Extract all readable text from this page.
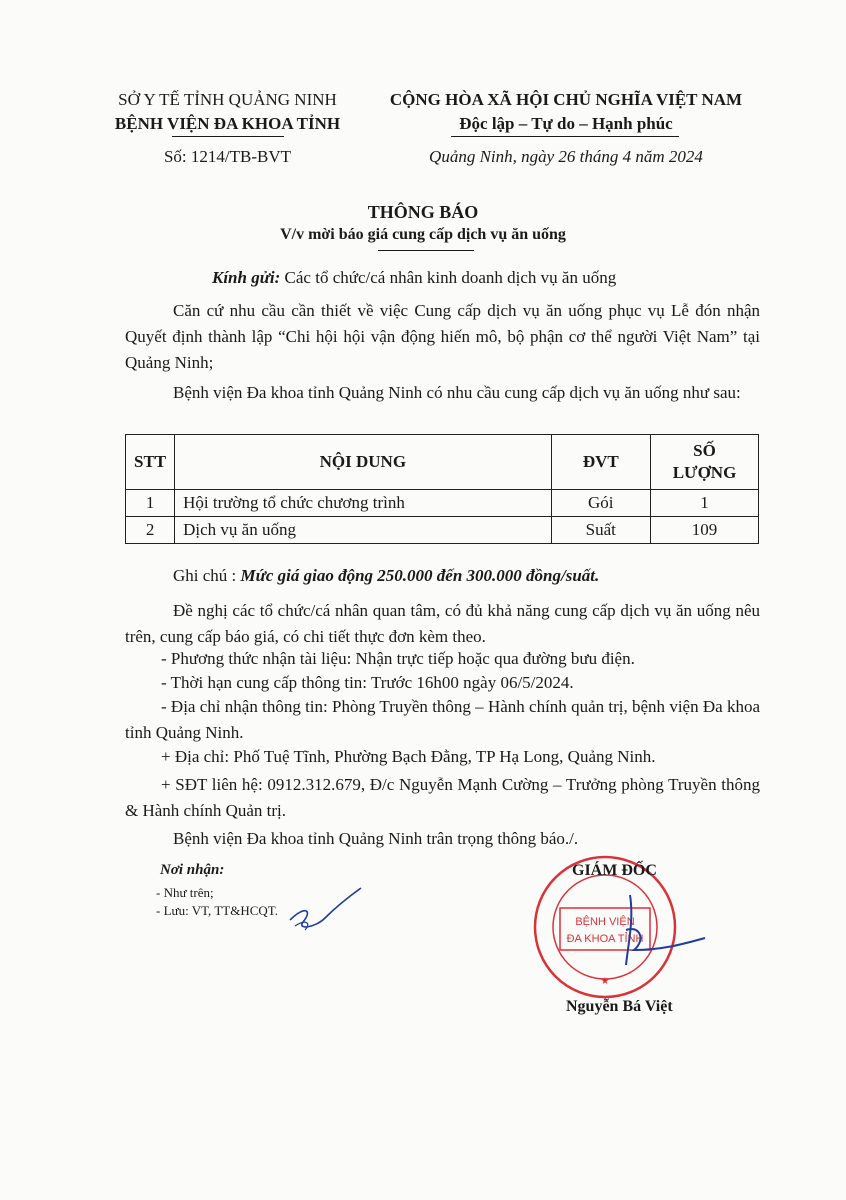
SỞ Y TẾ TỈNH QUẢNG NINH
BỆNH VIỆN ĐA KHOA TỈNH
Số: 1214/TB-BVT
CỘNG HÒA XÃ HỘI CHỦ NGHĨA VIỆT NAM
Độc lập – Tự do – Hạnh phúc
Quảng Ninh, ngày 26 tháng 4 năm 2024
THÔNG BÁO
V/v mời báo giá cung cấp dịch vụ ăn uống
Kính gửi: Các tổ chức/cá nhân kinh doanh dịch vụ ăn uống
Căn cứ nhu cầu cần thiết về việc Cung cấp dịch vụ ăn uống phục vụ Lễ đón nhận Quyết định thành lập “Chi hội hội vận động hiến mô, bộ phận cơ thể người Việt Nam” tại Quảng Ninh;
Bệnh viện Đa khoa tỉnh Quảng Ninh có nhu cầu cung cấp dịch vụ ăn uống như sau:
STT	NỘI DUNG	ĐVT	SỐ LƯỢNG
1	Hội trường tổ chức chương trình	Gói	1
2	Dịch vụ ăn uống	Suất	109
Ghi chú : Mức giá giao động 250.000 đến 300.000 đồng/suất.
Đề nghị các tổ chức/cá nhân quan tâm, có đủ khả năng cung cấp dịch vụ ăn uống nêu trên, cung cấp báo giá, có chi tiết thực đơn kèm theo.
- Phương thức nhận tài liệu: Nhận trực tiếp hoặc qua đường bưu điện.
- Thời hạn cung cấp thông tin: Trước 16h00 ngày 06/5/2024.
- Địa chỉ nhận thông tin: Phòng Truyền thông – Hành chính quản trị, bệnh viện Đa khoa tỉnh Quảng Ninh.
+ Địa chỉ: Phố Tuệ Tĩnh, Phường Bạch Đằng, TP Hạ Long, Quảng Ninh.
+ SĐT liên hệ: 0912.312.679, Đ/c Nguyễn Mạnh Cường – Trưởng phòng Truyền thông & Hành chính Quản trị.
Bệnh viện Đa khoa tỉnh Quảng Ninh trân trọng thông báo./.
Nơi nhận:
- Như trên;
- Lưu: VT, TT&HCQT.
BỆNH VIỆN
ĐA KHOA TỈNH
★
GIÁM ĐỐC
Nguyễn Bá Việt
